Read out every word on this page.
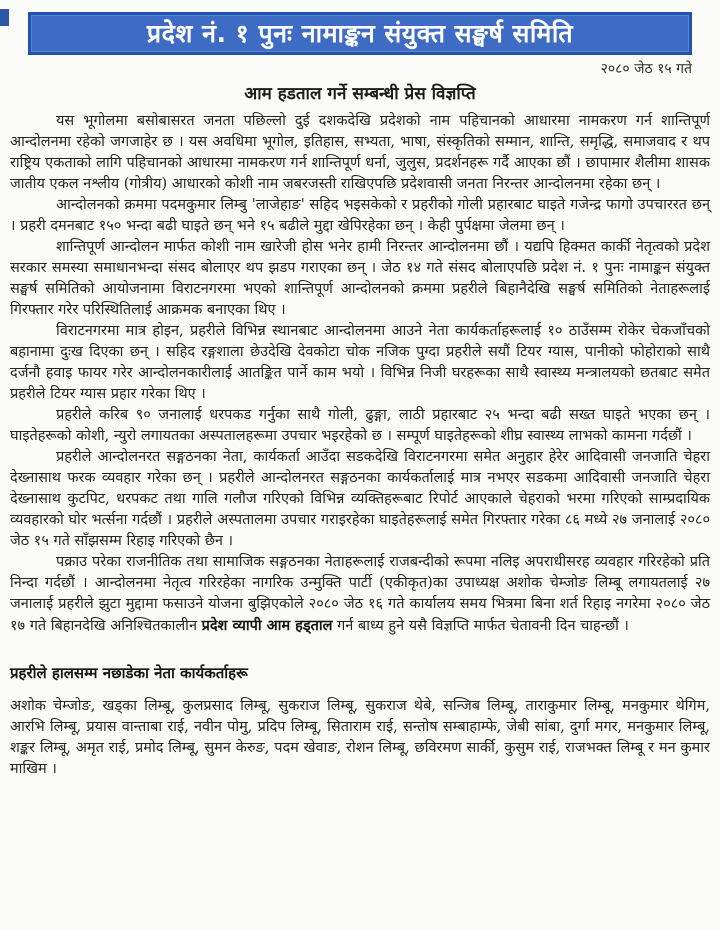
प्रदेश नं. १ पुनः नामाङ्कन संयुक्त सङ्घर्ष समिति
२०८० जेठ १५ गते
आम हडताल गर्ने सम्बन्धी प्रेस विज्ञप्ति

यस भूगोलमा बसोबासरत जनता पछिल्लो दुई दशकदेखि प्रदेशको नाम पहिचानको आधारमा नामकरण गर्न शान्तिपूर्ण आन्दोलनमा रहेको जगजाहेर छ । यस अवधिमा भूगोल, इतिहास, सभ्यता, भाषा, संस्कृतिको सम्मान, शान्ति, समृद्धि, समाजवाद र थप राष्ट्रिय एकताको लागि पहिचानको आधारमा नामकरण गर्न शान्तिपूर्ण धर्ना, जुलुस, प्रदर्शनहरू गर्दै आएका छौं । छापामार शैलीमा शासक जातीय एकल नश्लीय (गोत्रीय) आधारको कोशी नाम जबरजस्ती राखिएपछि प्रदेशवासी जनता निरन्तर आन्दोलनमा रहेका छन् ।

आन्दोलनको क्रममा पदमकुमार लिम्बु 'लाजेहाङ' सहिद भइसकेको र प्रहरीको गोली प्रहारबाट घाइते गजेन्द्र फागो उपचाररत छन् । प्रहरी दमनबाट १५० भन्दा बढी घाइते छन् भने १५ बढीले मुद्दा खेपिरहेका छन् । केही पुर्पक्षमा जेलमा छन् ।

शान्तिपूर्ण आन्दोलन मार्फत कोशी नाम खारेजी होस भनेर हामी निरन्तर आन्दोलनमा छौं । यद्यपि हिक्मत कार्की नेतृत्वको प्रदेश सरकार समस्या समाधानभन्दा संसद बोलाएर थप झडप गराएका छन् । जेठ १४ गते संसद बोलाएपछि प्रदेश नं. १ पुनः नामाङ्कन संयुक्त सङ्घर्ष समितिको आयोजनामा विराटनगरमा भएको शान्तिपूर्ण आन्दोलनको क्रममा प्रहरीले बिहानैदेखि सङ्घर्ष समितिको नेताहरूलाई गिरफ्तार गरेर परिस्थितिलाई आक्रमक बनाएका थिए ।

विराटनगरमा मात्र होइन, प्रहरीले विभिन्न स्थानबाट आन्दोलनमा आउने नेता कार्यकर्ताहरूलाई १० ठाउँसम्म रोकेर चेकजाँचको बहानामा दुःख दिएका छन् । सहिद रङ्गशाला छेउदेखि देवकोटा चोक नजिक पुग्दा प्रहरीले सयौं टियर ग्यास, पानीको फोहोराको साथै दर्जनौ हवाइ फायर गरेर आन्दोलनकारीलाई आतङ्कित पार्ने काम भयो । विभिन्न निजी घरहरूका साथै स्वास्थ्य मन्त्रालयको छतबाट समेत प्रहरीले टियर ग्यास प्रहार गरेका थिए ।

प्रहरीले करिब ९० जनालाई धरपकड गर्नुका साथै गोली, ढुङ्गा, लाठी प्रहारबाट २५ भन्दा बढी सख्त घाइते भएका छन् । घाइतेहरूको कोशी, न्युरो लगायतका अस्पतालहरूमा उपचार भइरहेको छ । सम्पूर्ण घाइतेहरूको शीघ्र स्वास्थ्य लाभको कामना गर्दछौं ।

प्रहरीले आन्दोलनरत सङ्गठनका नेता, कार्यकर्ता आउँदा सडकदेखि विराटनगरमा समेत अनुहार हेरेर आदिवासी जनजाति चेहरा देख्नासाथ फरक व्यवहार गरेका छन् । प्रहरीले आन्दोलनरत सङ्गठनका कार्यकर्तालाई मात्र नभएर सडकमा आदिवासी जनजाति चेहरा देख्नासाथ कुटपिट, धरपकट तथा गालि गलौज गरिएको विभिन्न व्यक्तिहरूबाट रिपोर्ट आएकाले चेहराको भरमा गरिएको साम्प्रदायिक व्यवहारको घोर भर्त्सना गर्दछौं । प्रहरीले अस्पतालमा उपचार गराइरहेका घाइतेहरूलाई समेत गिरफ्तार गरेका ८६ मध्ये २७ जनालाई २०८० जेठ १५ गते साँझसम्म रिहाइ गरिएको छैन ।

पक्राउ परेका राजनीतिक तथा सामाजिक सङ्गठनका नेताहरूलाई राजबन्दीको रूपमा नलिइ अपराधीसरह व्यवहार गरिरहेको प्रति निन्दा गर्दछौं । आन्दोलनमा नेतृत्व गरिरहेका नागरिक उन्मुक्ति पार्टी (एकीकृत)का उपाध्यक्ष अशोक चेम्जोङ लिम्बू लगायतलाई २७ जनालाई प्रहरीले झुटा मुद्दामा फसाउने योजना बुझिएकोले २०८० जेठ १६ गते कार्यालय समय भित्रमा बिना शर्त रिहाइ नगरेमा २०८० जेठ १७ गते बिहानदेखि अनिश्चितकालीन प्रदेश व्यापी आम हड्ताल गर्न बाध्य हुने यसै विज्ञप्ति मार्फत चेतावनी दिन चाहन्छौं ।

प्रहरीले हालसम्म नछाडेका नेता कार्यकर्ताहरू

अशोक चेम्जोङ, खड्का लिम्बू, कुलप्रसाद लिम्बू, सुकराज लिम्बू, सुकराज थेबे, सन्जिब लिम्बू, ताराकुमार लिम्बू, मनकुमार थेगिम, आरभि लिम्बू, प्रयास वान्ताबा राई, नवीन पोमु, प्रदिप लिम्बू, सिताराम राई, सन्तोष सम्बाहाम्फे, जेबी सांबा, दुर्गा मगर, मनकुमार लिम्बू, शङ्कर लिम्बू, अमृत राई, प्रमोद लिम्बू, सुमन केरुङ, पदम खेवाङ, रोशन लिम्बू, छविरमण सार्की, कुसुम राई, राजभक्त लिम्बू र मन कुमार माखिम ।
